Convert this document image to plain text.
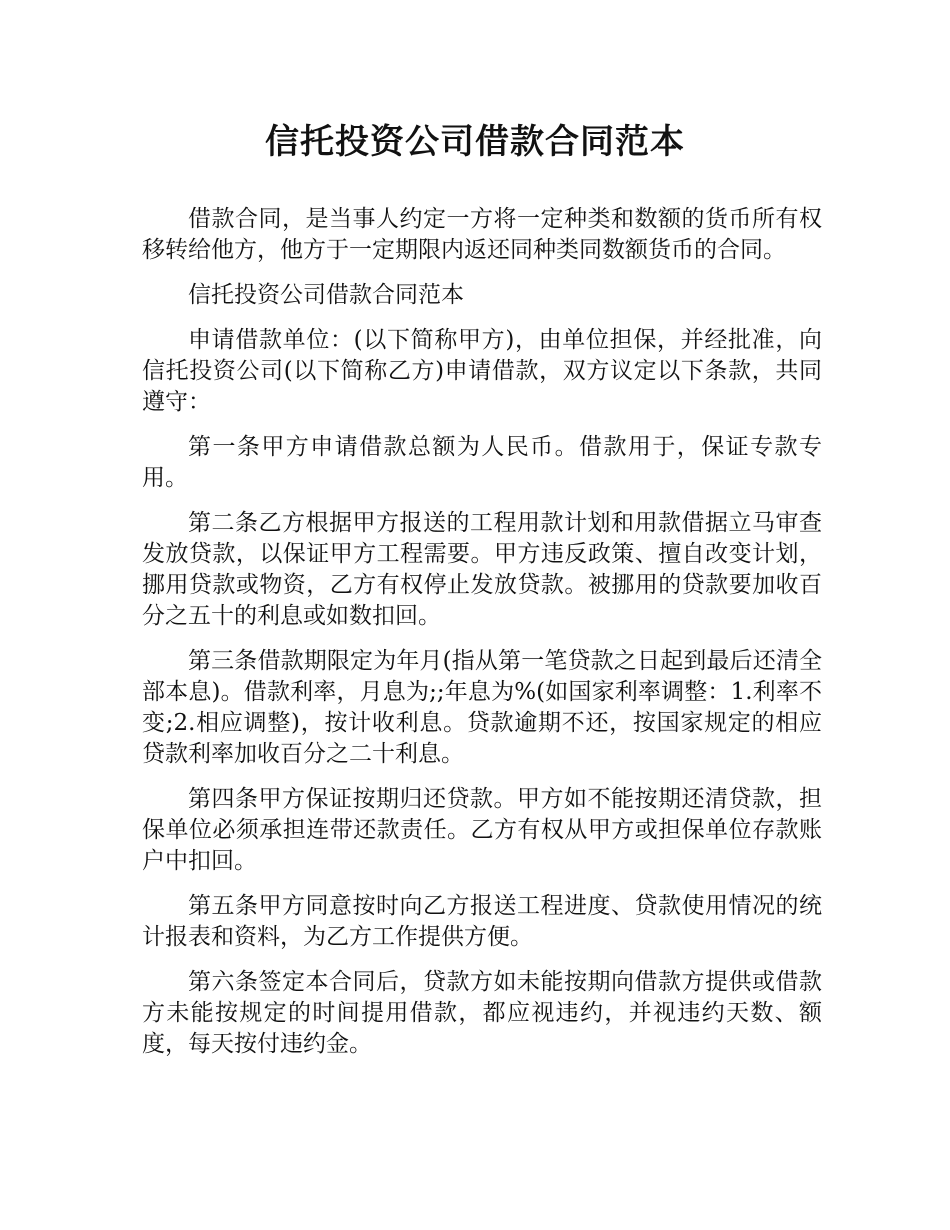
信托投资公司借款合同范本

借款合同，是当事人约定一方将一定种类和数额的货币所有权移转给他方，他方于一定期限内返还同种类同数额货币的合同。

信托投资公司借款合同范本

申请借款单位：(以下简称甲方)，由单位担保，并经批准，向信托投资公司(以下简称乙方)申请借款，双方议定以下条款，共同遵守：

第一条甲方申请借款总额为人民币。借款用于，保证专款专用。

第二条乙方根据甲方报送的工程用款计划和用款借据立马审查发放贷款，以保证甲方工程需要。甲方违反政策、擅自改变计划，挪用贷款或物资，乙方有权停止发放贷款。被挪用的贷款要加收百分之五十的利息或如数扣回。

第三条借款期限定为年月(指从第一笔贷款之日起到最后还清全部本息)。借款利率，月息为;;年息为%(如国家利率调整：1.利率不变;2.相应调整)，按计收利息。贷款逾期不还，按国家规定的相应贷款利率加收百分之二十利息。

第四条甲方保证按期归还贷款。甲方如不能按期还清贷款，担保单位必须承担连带还款责任。乙方有权从甲方或担保单位存款账户中扣回。

第五条甲方同意按时向乙方报送工程进度、贷款使用情况的统计报表和资料，为乙方工作提供方便。

第六条签定本合同后，贷款方如未能按期向借款方提供或借款方未能按规定的时间提用借款，都应视违约，并视违约天数、额度，每天按付违约金。
